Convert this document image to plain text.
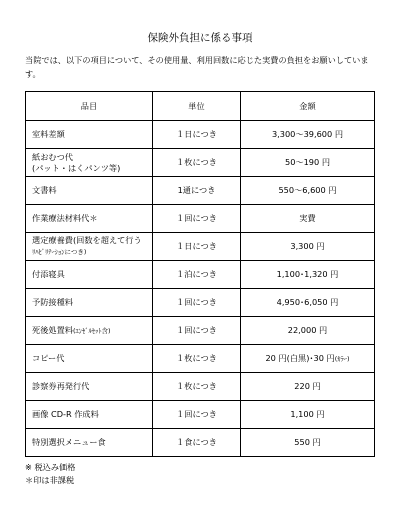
保険外負担に係る事項
当院では、以下の項目について、その使用量、利用回数に応じた実費の負担をお願いしています。
品目	単位	金額
室料差額	１日につき	3,300～39,600 円
紙おむつ代
(パット・はくパンツ等)	１枚につき	50～190 円
文書料	1通につき	550～6,600 円
作業療法材料代＊	１回につき	実費
選定療養費(回数を超えて行う
ﾘﾊﾋﾞﾘﾃｰｼｮﾝにつき)	１日につき	3,300 円
付添寝具	１泊につき	1,100･1,320 円
予防接種料	１回につき	4,950･6,050 円
死後処置料(ｴﾝｾﾞﾙｾｯﾄ含)	１回につき	22,000 円
コピー代	１枚につき	20 円(白黒)･30 円(ｶﾗｰ)
診察券再発行代	１枚につき	220 円
画像 CD-R 作成料	１回につき	1,100 円
特別選択メニュー食	１食につき	550 円
※ 税込み価格
＊印は非課税
